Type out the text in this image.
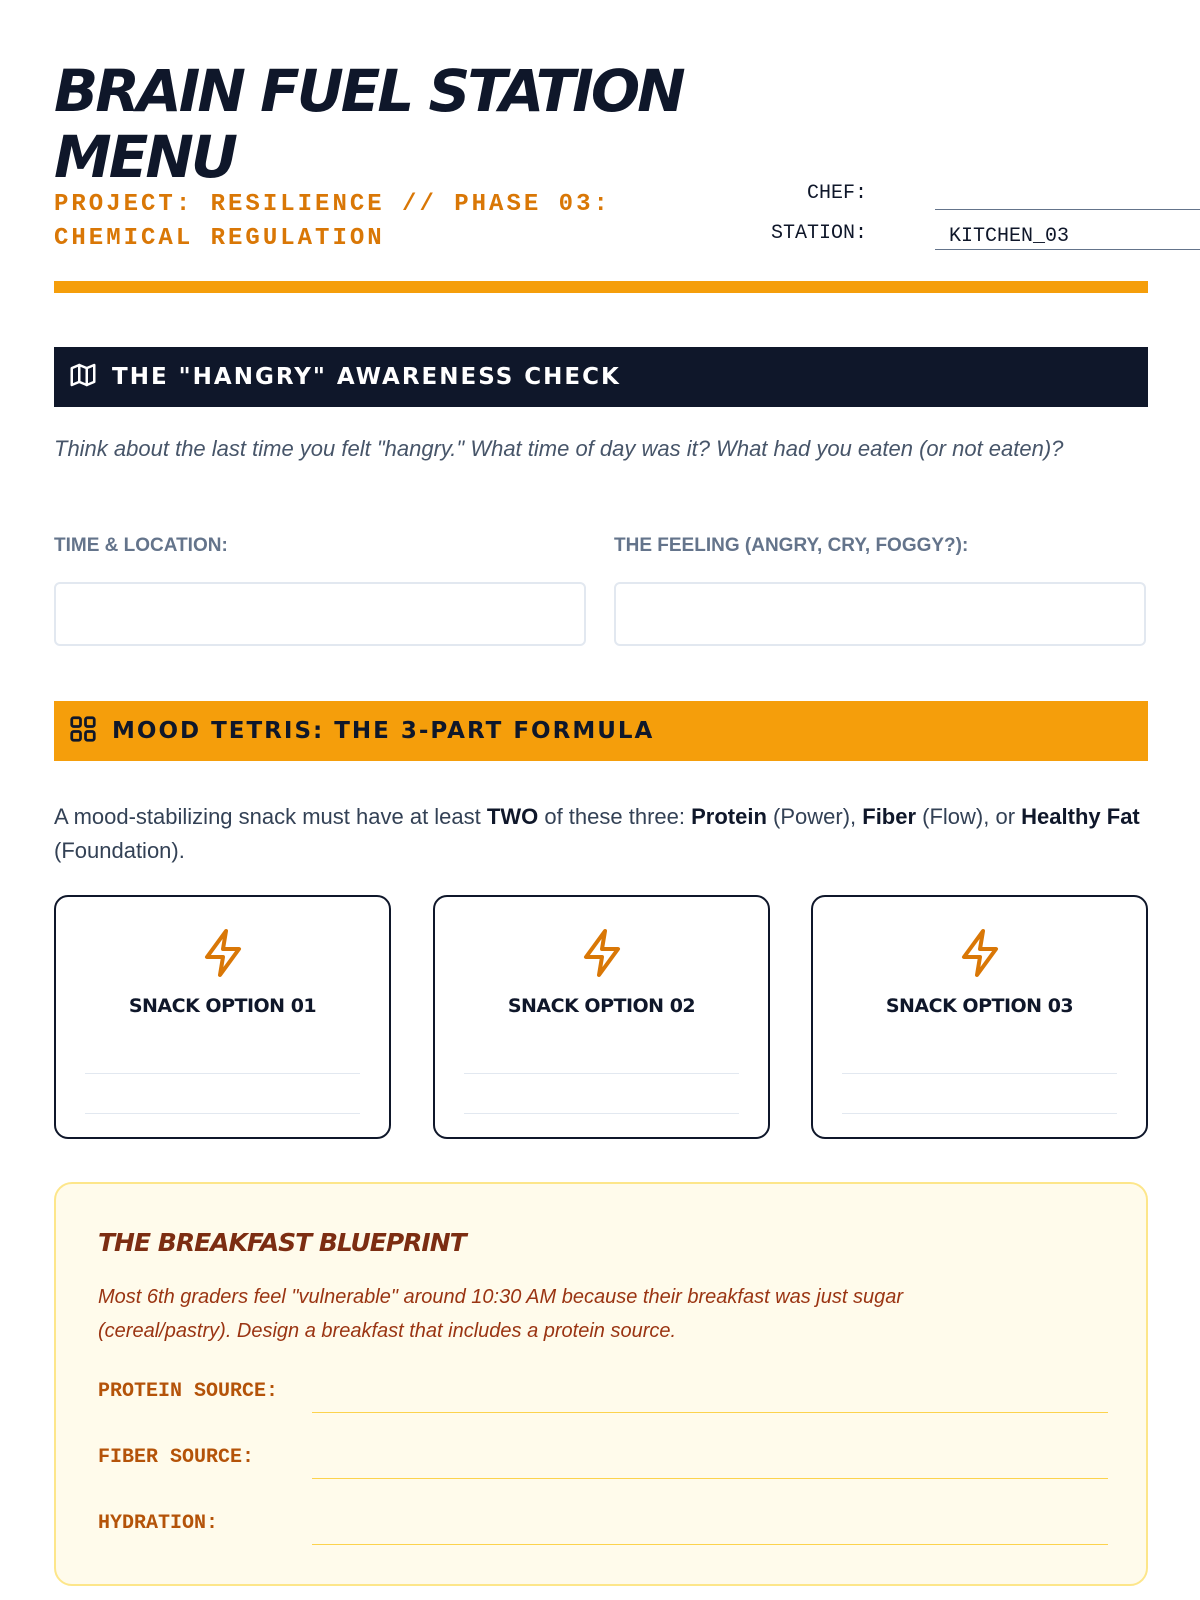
BRAIN FUEL STATION MENU
PROJECT: RESILIENCE // PHASE 03: CHEMICAL REGULATION
CHEF:
STATION:	KITCHEN_03
THE "HANGRY" AWARENESS CHECK
Think about the last time you felt "hangry." What time of day was it? What had you eaten (or not eaten)?
TIME & LOCATION:	THE FEELING (ANGRY, CRY, FOGGY?):
MOOD TETRIS: THE 3-PART FORMULA
A mood-stabilizing snack must have at least TWO of these three: Protein (Power), Fiber (Flow), or Healthy Fat (Foundation).
SNACK OPTION 01	SNACK OPTION 02	SNACK OPTION 03
THE BREAKFAST BLUEPRINT
Most 6th graders feel "vulnerable" around 10:30 AM because their breakfast was just sugar (cereal/pastry). Design a breakfast that includes a protein source.
PROTEIN SOURCE:
FIBER SOURCE:
HYDRATION:
